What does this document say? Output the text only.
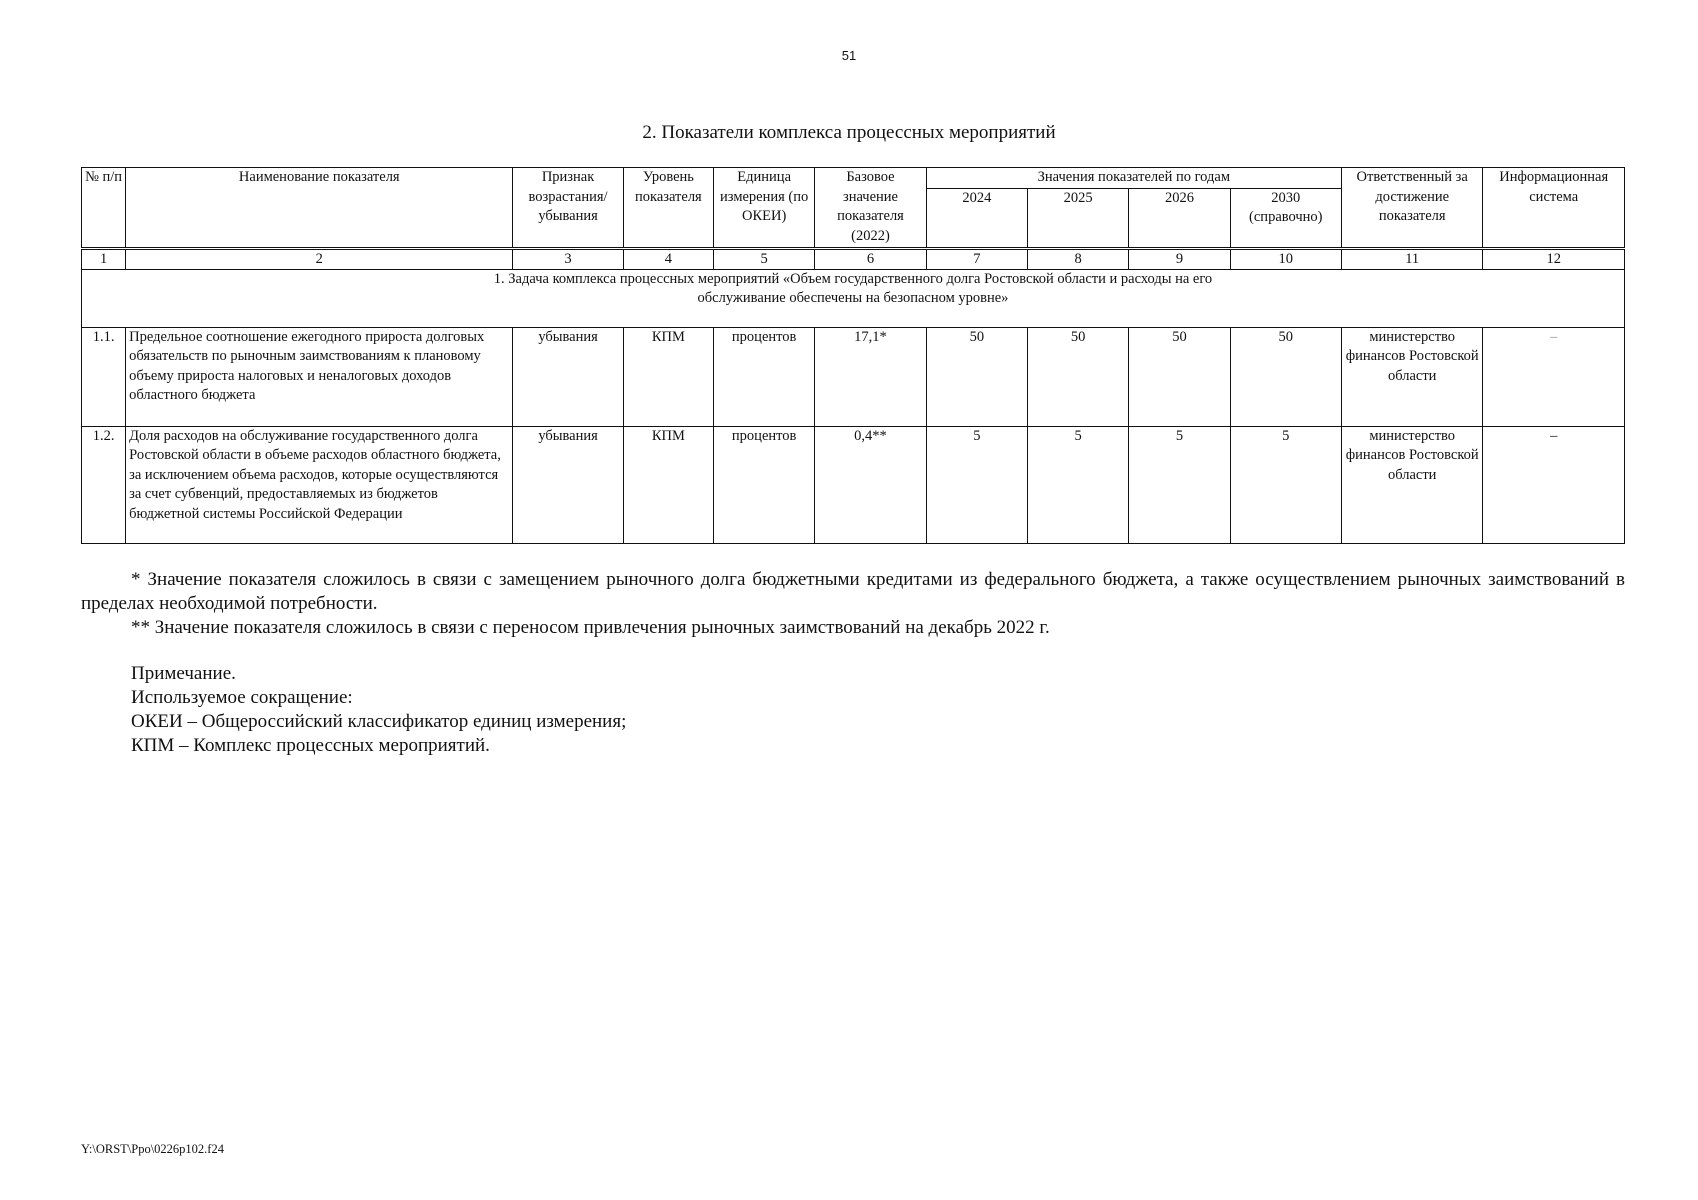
51
2. Показатели комплекса процессных мероприятий
№ п/п	Наименование показателя	Признак возрастания/ убывания	Уровень показателя	Единица измерения (по ОКЕИ)	Базовое значение показателя (2022)	Значения показателей по годам				Ответственный за достижение показателя	Информационная система
						2024	2025	2026	2030 (справочно)		
1	2	3	4	5	6	7	8	9	10	11	12
1. Задача комплекса процессных мероприятий «Объем государственного долга Ростовской области и расходы на его обслуживание обеспечены на безопасном уровне»											
1.1.	Предельное соотношение ежегодного прироста долговых обязательств по рыночным заимствованиям к плановому объему прироста налоговых и неналоговых доходов областного бюджета	убывания	КПМ	процентов	17,1*	50	50	50	50	министерство финансов Ростовской области	–
1.2.	Доля расходов на обслуживание государственного долга Ростовской области в объеме расходов областного бюджета, за исключением объема расходов, которые осуществляются за счет субвенций, предоставляемых из бюджетов бюджетной системы Российской Федерации	убывания	КПМ	процентов	0,4**	5	5	5	5	министерство финансов Ростовской области	–

* Значение показателя сложилось в связи с замещением рыночного долга бюджетными кредитами из федерального бюджета, а также осуществлением рыночных заимствований в пределах необходимой потребности.

** Значение показателя сложилось в связи с переносом привлечения рыночных заимствований на декабрь 2022 г.

Примечание.
Используемое сокращение:
ОКЕИ – Общероссийский классификатор единиц измерения;
КПМ – Комплекс процессных мероприятий.
Y:\ORST\Ppo\0226p102.f24
